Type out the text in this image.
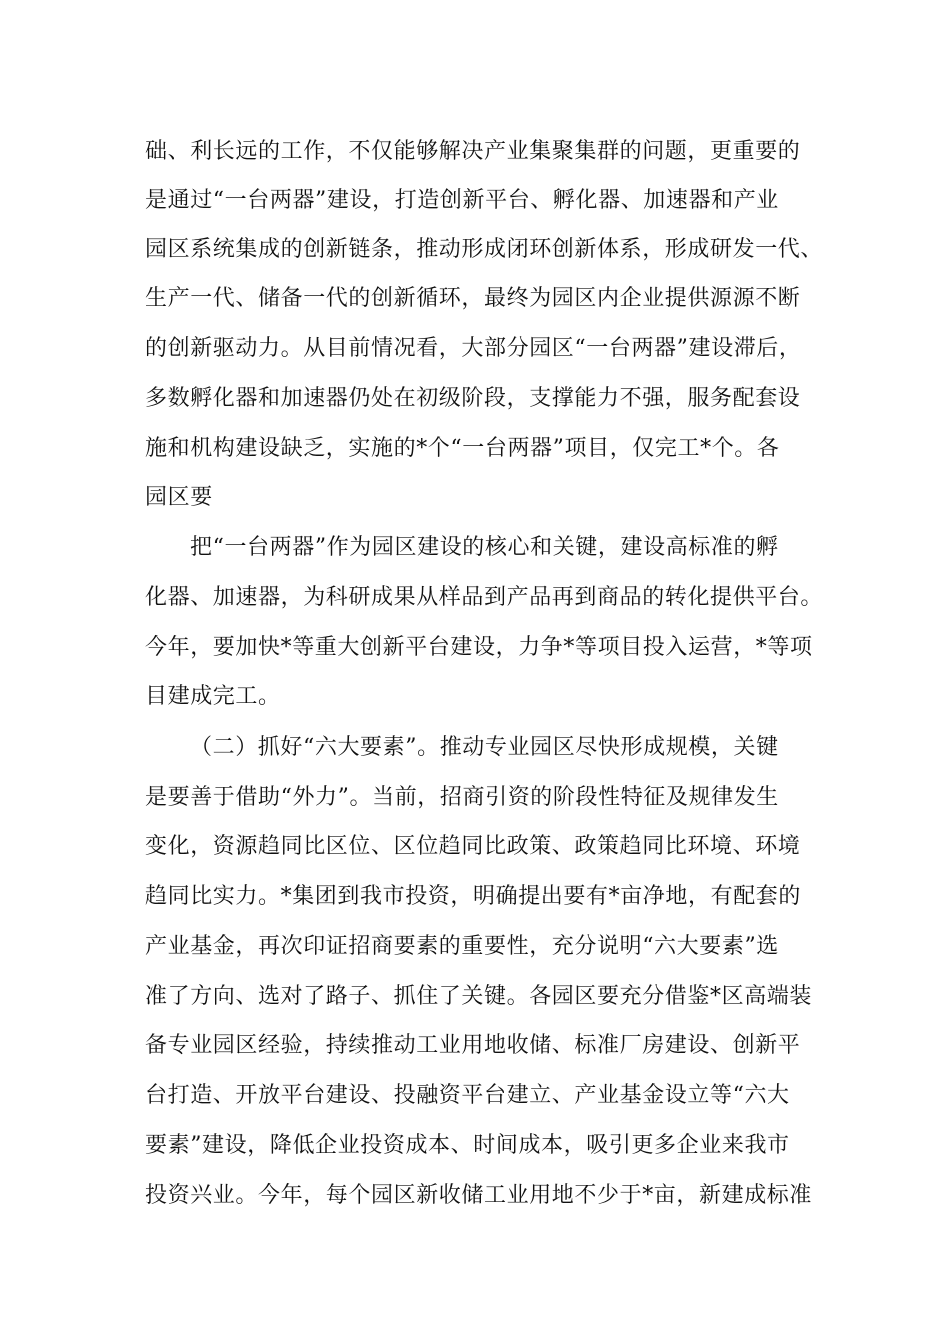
础、利长远的工作，不仅能够解决产业集聚集群的问题，更重要的
是通过“一台两器”建设，打造创新平台、孵化器、加速器和产业
园区系统集成的创新链条，推动形成闭环创新体系，形成研发一代、
生产一代、储备一代的创新循环，最终为园区内企业提供源源不断
的创新驱动力。从目前情况看，大部分园区“一台两器”建设滞后，
多数孵化器和加速器仍处在初级阶段，支撑能力不强，服务配套设
施和机构建设缺乏，实施的*个“一台两器”项目，仅完工*个。各
园区要
把“一台两器”作为园区建设的核心和关键，建设高标准的孵
化器、加速器，为科研成果从样品到产品再到商品的转化提供平台。
今年，要加快*等重大创新平台建设，力争*等项目投入运营，*等项
目建成完工。
（二）抓好“六大要素”。推动专业园区尽快形成规模，关键
是要善于借助“外力”。当前，招商引资的阶段性特征及规律发生
变化，资源趋同比区位、区位趋同比政策、政策趋同比环境、环境
趋同比实力。*集团到我市投资，明确提出要有*亩净地，有配套的
产业基金，再次印证招商要素的重要性，充分说明“六大要素”选
准了方向、选对了路子、抓住了关键。各园区要充分借鉴*区高端装
备专业园区经验，持续推动工业用地收储、标准厂房建设、创新平
台打造、开放平台建设、投融资平台建立、产业基金设立等“六大
要素”建设，降低企业投资成本、时间成本，吸引更多企业来我市
投资兴业。今年，每个园区新收储工业用地不少于*亩，新建成标准
